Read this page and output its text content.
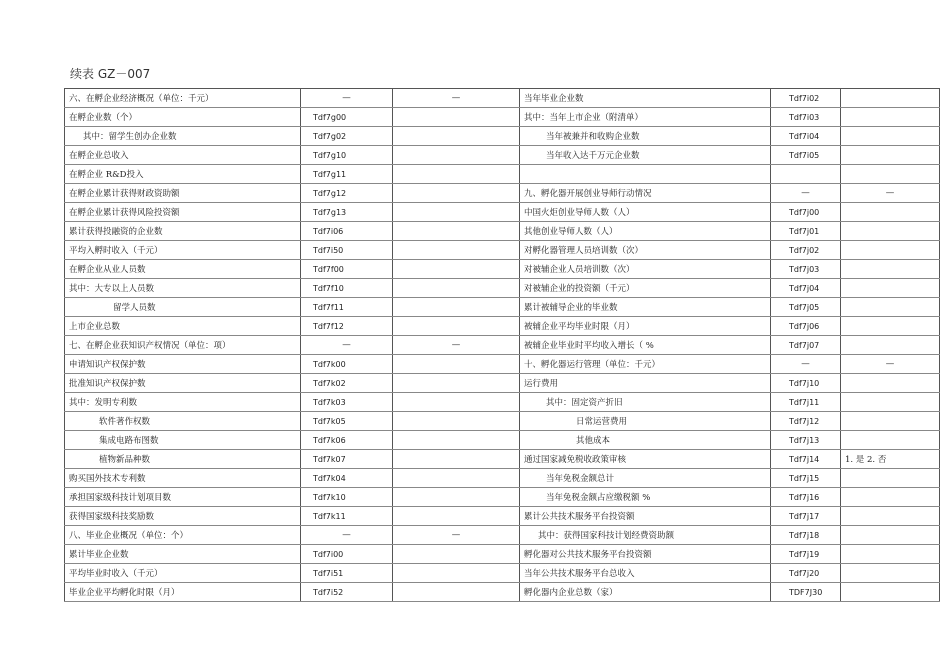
续表 GZ－007
六、在孵企业经济概况（单位：千元）	—	—	当年毕业企业数	Tdf7i02	
在孵企业数（个）	Tdf7g00		其中：当年上市企业（附清单）	Tdf7i03	
其中：留学生创办企业数	Tdf7g02		当年被兼并和收购企业数	Tdf7i04	
在孵企业总收入	Tdf7g10		当年收入达千万元企业数	Tdf7i05	
在孵企业 R&D投入	Tdf7g11				
在孵企业累计获得财政资助额	Tdf7g12		九、孵化器开展创业导师行动情况	—	—
在孵企业累计获得风险投资额	Tdf7g13		中国火炬创业导师人数（人）	Tdf7j00	
累计获得投融资的企业数	Tdf7i06		其他创业导师人数（人）	Tdf7j01	
平均入孵时收入（千元）	Tdf7i50		对孵化器管理人员培训数（次）	Tdf7j02	
在孵企业从业人员数	Tdf7f00		对被辅企业人员培训数（次）	Tdf7j03	
其中：大专以上人员数	Tdf7f10		对被辅企业的投资额（千元）	Tdf7j04	
留学人员数	Tdf7f11		累计被辅导企业的毕业数	Tdf7j05	
上市企业总数	Tdf7f12		被辅企业平均毕业时限（月）	Tdf7j06	
七、在孵企业获知识产权情况（单位：项）	—	—	被辅企业毕业时平均收入增长（ %	Tdf7j07	
申请知识产权保护数	Tdf7k00		十、孵化器运行管理（单位：千元）	—	—
批准知识产权保护数	Tdf7k02		运行费用	Tdf7j10	
其中：发明专利数	Tdf7k03		其中：固定资产折旧	Tdf7j11	
软件著作权数	Tdf7k05		日常运营费用	Tdf7j12	
集成电路布图数	Tdf7k06		其他成本	Tdf7j13	
植物新品种数	Tdf7k07		通过国家减免税收政策审核	Tdf7j14	1. 是 2. 否
购买国外技术专利数	Tdf7k04		当年免税金额总计	Tdf7j15	
承担国家级科技计划项目数	Tdf7k10		当年免税金额占应缴税额 %	Tdf7j16	
获得国家级科技奖励数	Tdf7k11		累计公共技术服务平台投资额	Tdf7j17	
八、毕业企业概况（单位：个）	—	—	其中：获得国家科技计划经费资助额	Tdf7j18	
累计毕业企业数	Tdf7i00		孵化器对公共技术服务平台投资额	Tdf7j19	
平均毕业时收入（千元）	Tdf7i51		当年公共技术服务平台总收入	Tdf7j20	
毕业企业平均孵化时限（月）	Tdf7i52		孵化器内企业总数（家）	TDF7J30	
